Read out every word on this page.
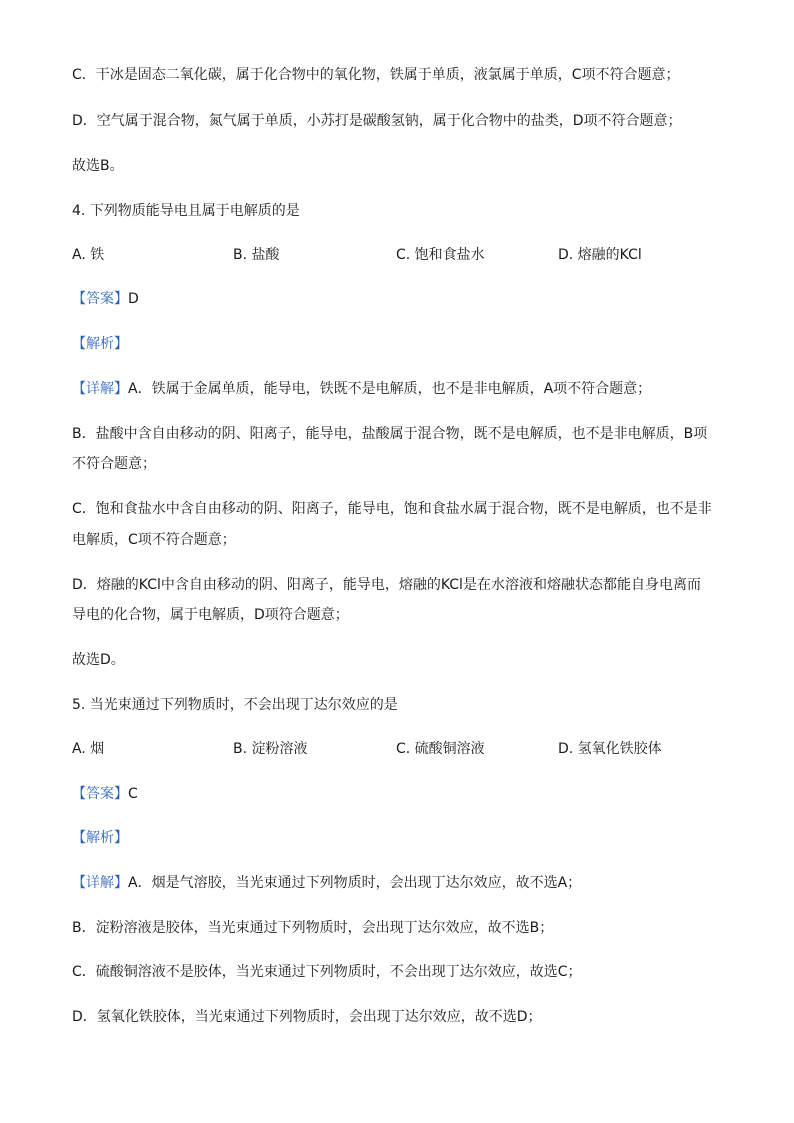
C．干冰是固态二氧化碳，属于化合物中的氧化物，铁属于单质，液氯属于单质，C项不符合题意；
D．空气属于混合物，氮气属于单质，小苏打是碳酸氢钠，属于化合物中的盐类，D项不符合题意；
故选B。
4. 下列物质能导电且属于电解质的是
A. 铁	B. 盐酸	C. 饱和食盐水	D. 熔融的KCl
【答案】D
【解析】
【详解】A．铁属于金属单质，能导电，铁既不是电解质，也不是非电解质，A项不符合题意；
B．盐酸中含自由移动的阴、阳离子，能导电，盐酸属于混合物，既不是电解质，也不是非电解质，B项
不符合题意；
C．饱和食盐水中含自由移动的阴、阳离子，能导电，饱和食盐水属于混合物，既不是电解质，也不是非
电解质，C项不符合题意；
D．熔融的KCl中含自由移动的阴、阳离子，能导电，熔融的KCl是在水溶液和熔融状态都能自身电离而
导电的化合物，属于电解质，D项符合题意；
故选D。
5. 当光束通过下列物质时，不会出现丁达尔效应的是
A. 烟	B. 淀粉溶液	C. 硫酸铜溶液	D. 氢氧化铁胶体
【答案】C
【解析】
【详解】A．烟是气溶胶，当光束通过下列物质时，会出现丁达尔效应，故不选A；
B．淀粉溶液是胶体，当光束通过下列物质时，会出现丁达尔效应，故不选B；
C．硫酸铜溶液不是胶体，当光束通过下列物质时，不会出现丁达尔效应，故选C；
D．氢氧化铁胶体，当光束通过下列物质时，会出现丁达尔效应，故不选D；
